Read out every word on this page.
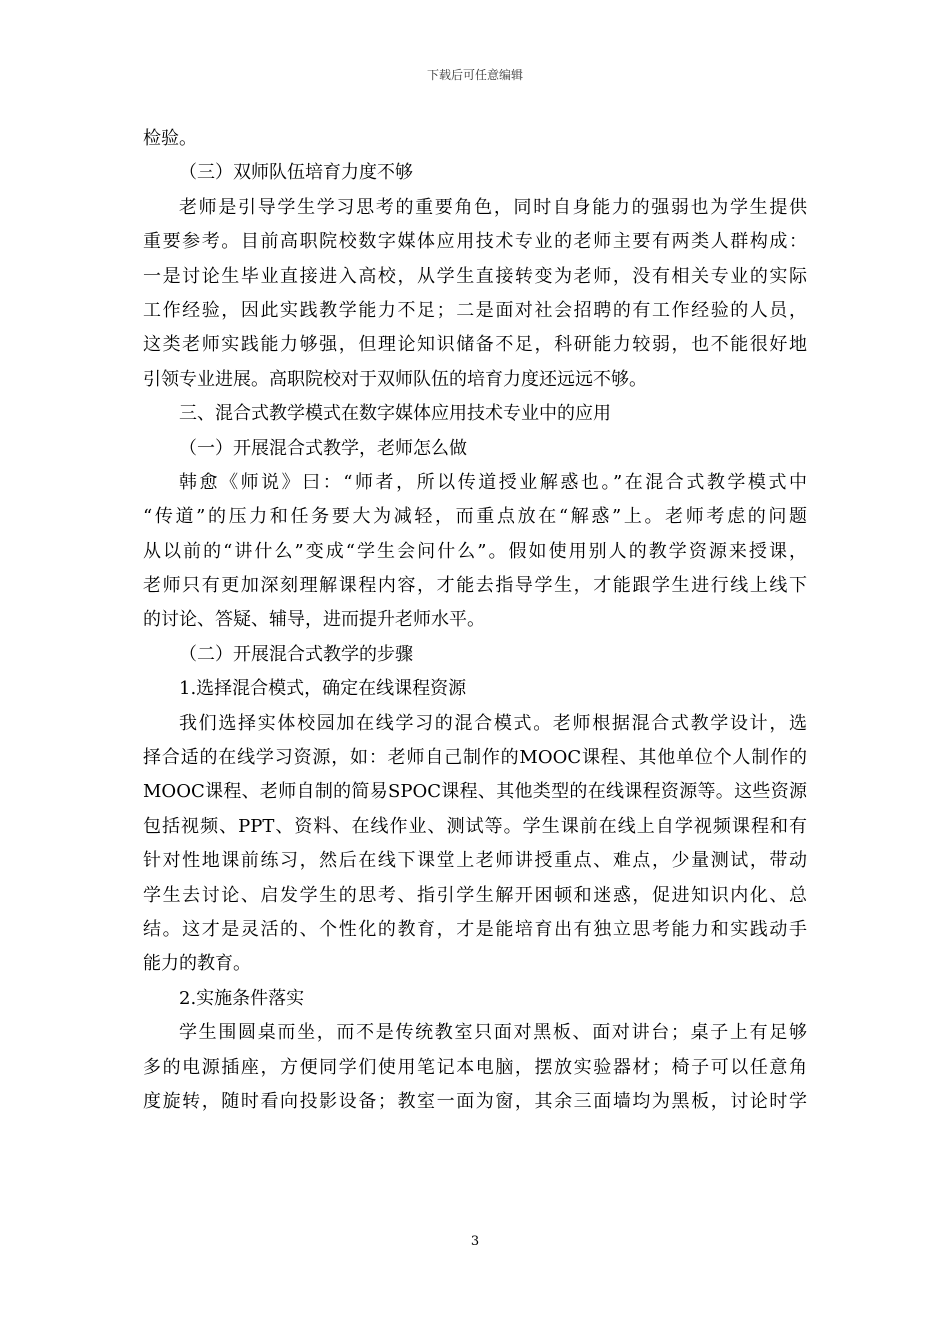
下载后可任意编辑
检验。
（三）双师队伍培育力度不够
老师是引导学生学习思考的重要角色，同时自身能力的强弱也为学生提供
重要参考。目前高职院校数字媒体应用技术专业的老师主要有两类人群构成：
一是讨论生毕业直接进入高校，从学生直接转变为老师，没有相关专业的实际
工作经验，因此实践教学能力不足；二是面对社会招聘的有工作经验的人员，
这类老师实践能力够强，但理论知识储备不足，科研能力较弱，也不能很好地
引领专业进展。高职院校对于双师队伍的培育力度还远远不够。
三、混合式教学模式在数字媒体应用技术专业中的应用
（一）开展混合式教学，老师怎么做
韩愈《师说》曰：“师者，所以传道授业解惑也。”在混合式教学模式中
“传道”的压力和任务要大为减轻，而重点放在“解惑”上。老师考虑的问题
从以前的“讲什么”变成“学生会问什么”。假如使用别人的教学资源来授课，
老师只有更加深刻理解课程内容，才能去指导学生，才能跟学生进行线上线下
的讨论、答疑、辅导，进而提升老师水平。
（二）开展混合式教学的步骤
1.选择混合模式，确定在线课程资源
我们选择实体校园加在线学习的混合模式。老师根据混合式教学设计，选
择合适的在线学习资源，如：老师自己制作的MOOC课程、其他单位个人制作的
MOOC课程、老师自制的简易SPOC课程、其他类型的在线课程资源等。这些资源
包括视频、PPT、资料、在线作业、测试等。学生课前在线上自学视频课程和有
针对性地课前练习，然后在线下课堂上老师讲授重点、难点，少量测试，带动
学生去讨论、启发学生的思考、指引学生解开困顿和迷惑，促进知识内化、总
结。这才是灵活的、个性化的教育，才是能培育出有独立思考能力和实践动手
能力的教育。
2.实施条件落实
学生围圆桌而坐，而不是传统教室只面对黑板、面对讲台；桌子上有足够
多的电源插座，方便同学们使用笔记本电脑，摆放实验器材；椅子可以任意角
度旋转，随时看向投影设备；教室一面为窗，其余三面墙均为黑板，讨论时学
3
